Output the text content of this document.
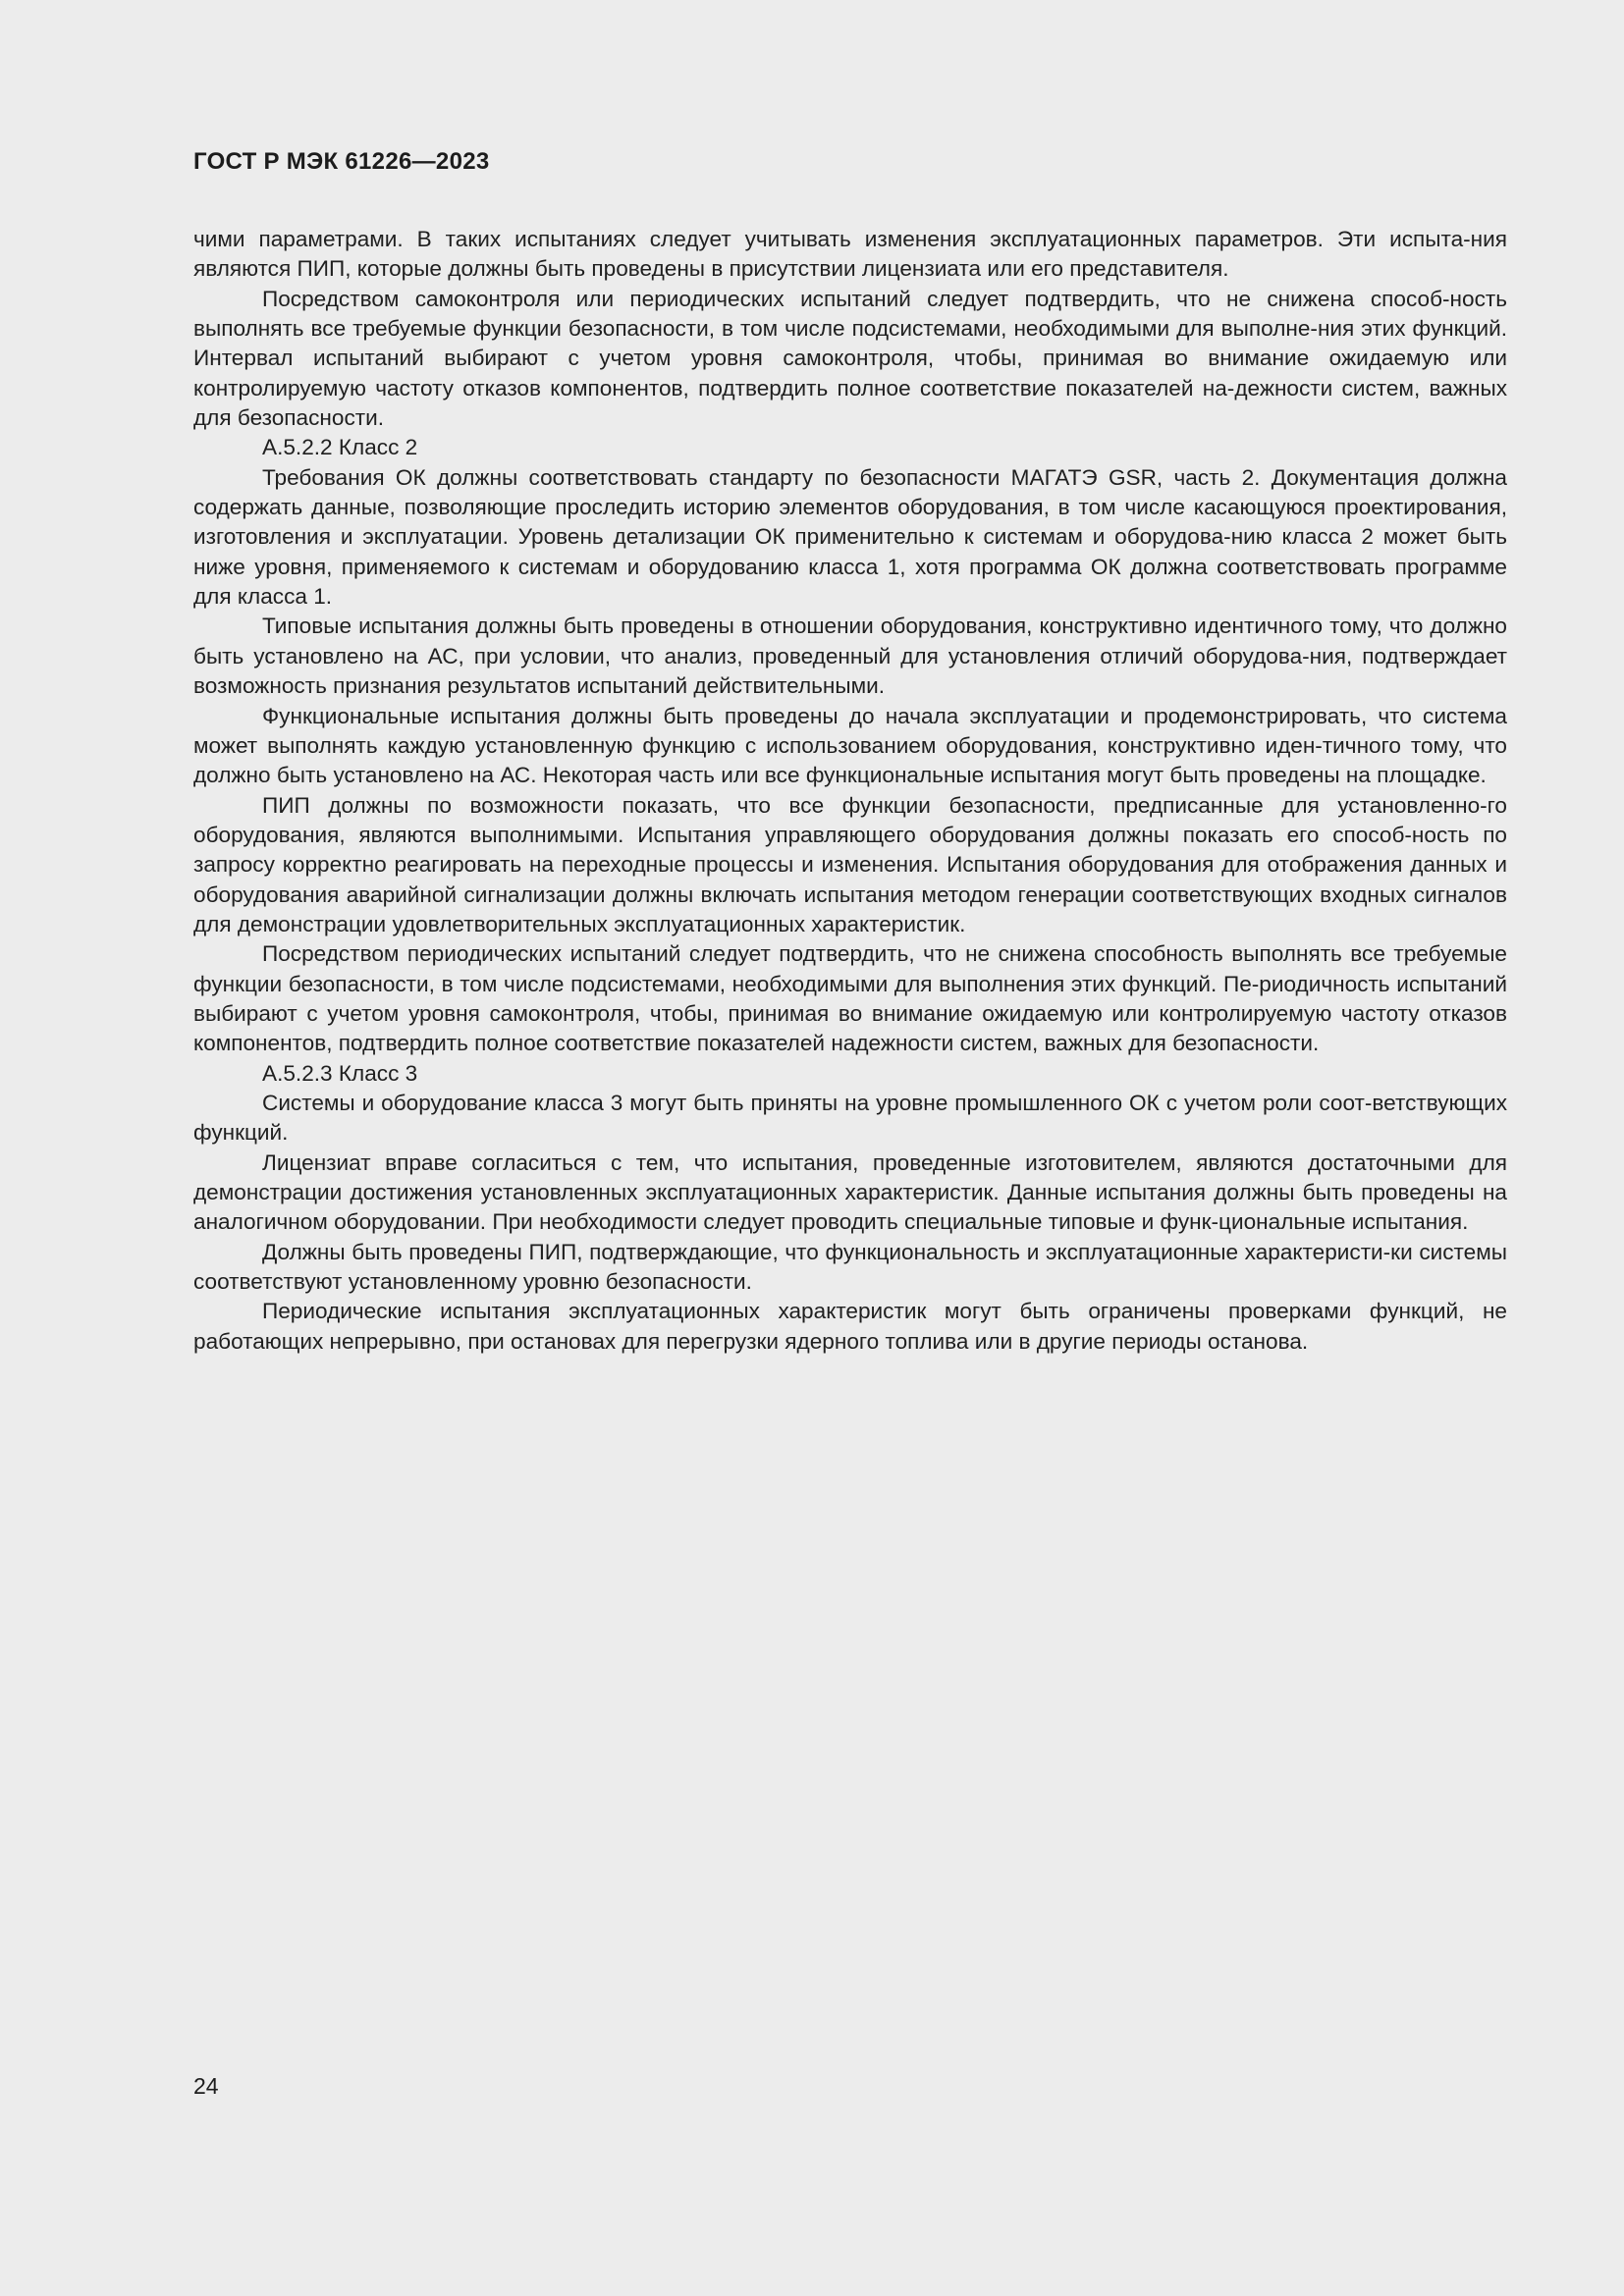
ГОСТ Р МЭК 61226—2023

чими параметрами. В таких испытаниях следует учитывать изменения эксплуатационных параметров. Эти испыта-ния являются ПИП, которые должны быть проведены в присутствии лицензиата или его представителя.

Посредством самоконтроля или периодических испытаний следует подтвердить, что не снижена способ-ность выполнять все требуемые функции безопасности, в том числе подсистемами, необходимыми для выполне-ния этих функций. Интервал испытаний выбирают с учетом уровня самоконтроля, чтобы, принимая во внимание ожидаемую или контролируемую частоту отказов компонентов, подтвердить полное соответствие показателей на-дежности систем, важных для безопасности.

А.5.2.2 Класс 2

Требования ОК должны соответствовать стандарту по безопасности МАГАТЭ GSR, часть 2. Документация должна содержать данные, позволяющие проследить историю элементов оборудования, в том числе касающуюся проектирования, изготовления и эксплуатации. Уровень детализации ОК применительно к системам и оборудова-нию класса 2 может быть ниже уровня, применяемого к системам и оборудованию класса 1, хотя программа ОК должна соответствовать программе для класса 1.

Типовые испытания должны быть проведены в отношении оборудования, конструктивно идентичного тому, что должно быть установлено на АС, при условии, что анализ, проведенный для установления отличий оборудова-ния, подтверждает возможность признания результатов испытаний действительными.

Функциональные испытания должны быть проведены до начала эксплуатации и продемонстрировать, что система может выполнять каждую установленную функцию с использованием оборудования, конструктивно иден-тичного тому, что должно быть установлено на АС. Некоторая часть или все функциональные испытания могут быть проведены на площадке.

ПИП должны по возможности показать, что все функции безопасности, предписанные для установленно-го оборудования, являются выполнимыми. Испытания управляющего оборудования должны показать его способ-ность по запросу корректно реагировать на переходные процессы и изменения. Испытания оборудования для отображения данных и оборудования аварийной сигнализации должны включать испытания методом генерации соответствующих входных сигналов для демонстрации удовлетворительных эксплуатационных характеристик.

Посредством периодических испытаний следует подтвердить, что не снижена способность выполнять все требуемые функции безопасности, в том числе подсистемами, необходимыми для выполнения этих функций. Пе-риодичность испытаний выбирают с учетом уровня самоконтроля, чтобы, принимая во внимание ожидаемую или контролируемую частоту отказов компонентов, подтвердить полное соответствие показателей надежности систем, важных для безопасности.

А.5.2.3 Класс 3

Системы и оборудование класса 3 могут быть приняты на уровне промышленного ОК с учетом роли соот-ветствующих функций.

Лицензиат вправе согласиться с тем, что испытания, проведенные изготовителем, являются достаточными для демонстрации достижения установленных эксплуатационных характеристик. Данные испытания должны быть проведены на аналогичном оборудовании. При необходимости следует проводить специальные типовые и функ-циональные испытания.

Должны быть проведены ПИП, подтверждающие, что функциональность и эксплуатационные характеристи-ки системы соответствуют установленному уровню безопасности.

Периодические испытания эксплуатационных характеристик могут быть ограничены проверками функций, не работающих непрерывно, при остановах для перегрузки ядерного топлива или в другие периоды останова.

24
